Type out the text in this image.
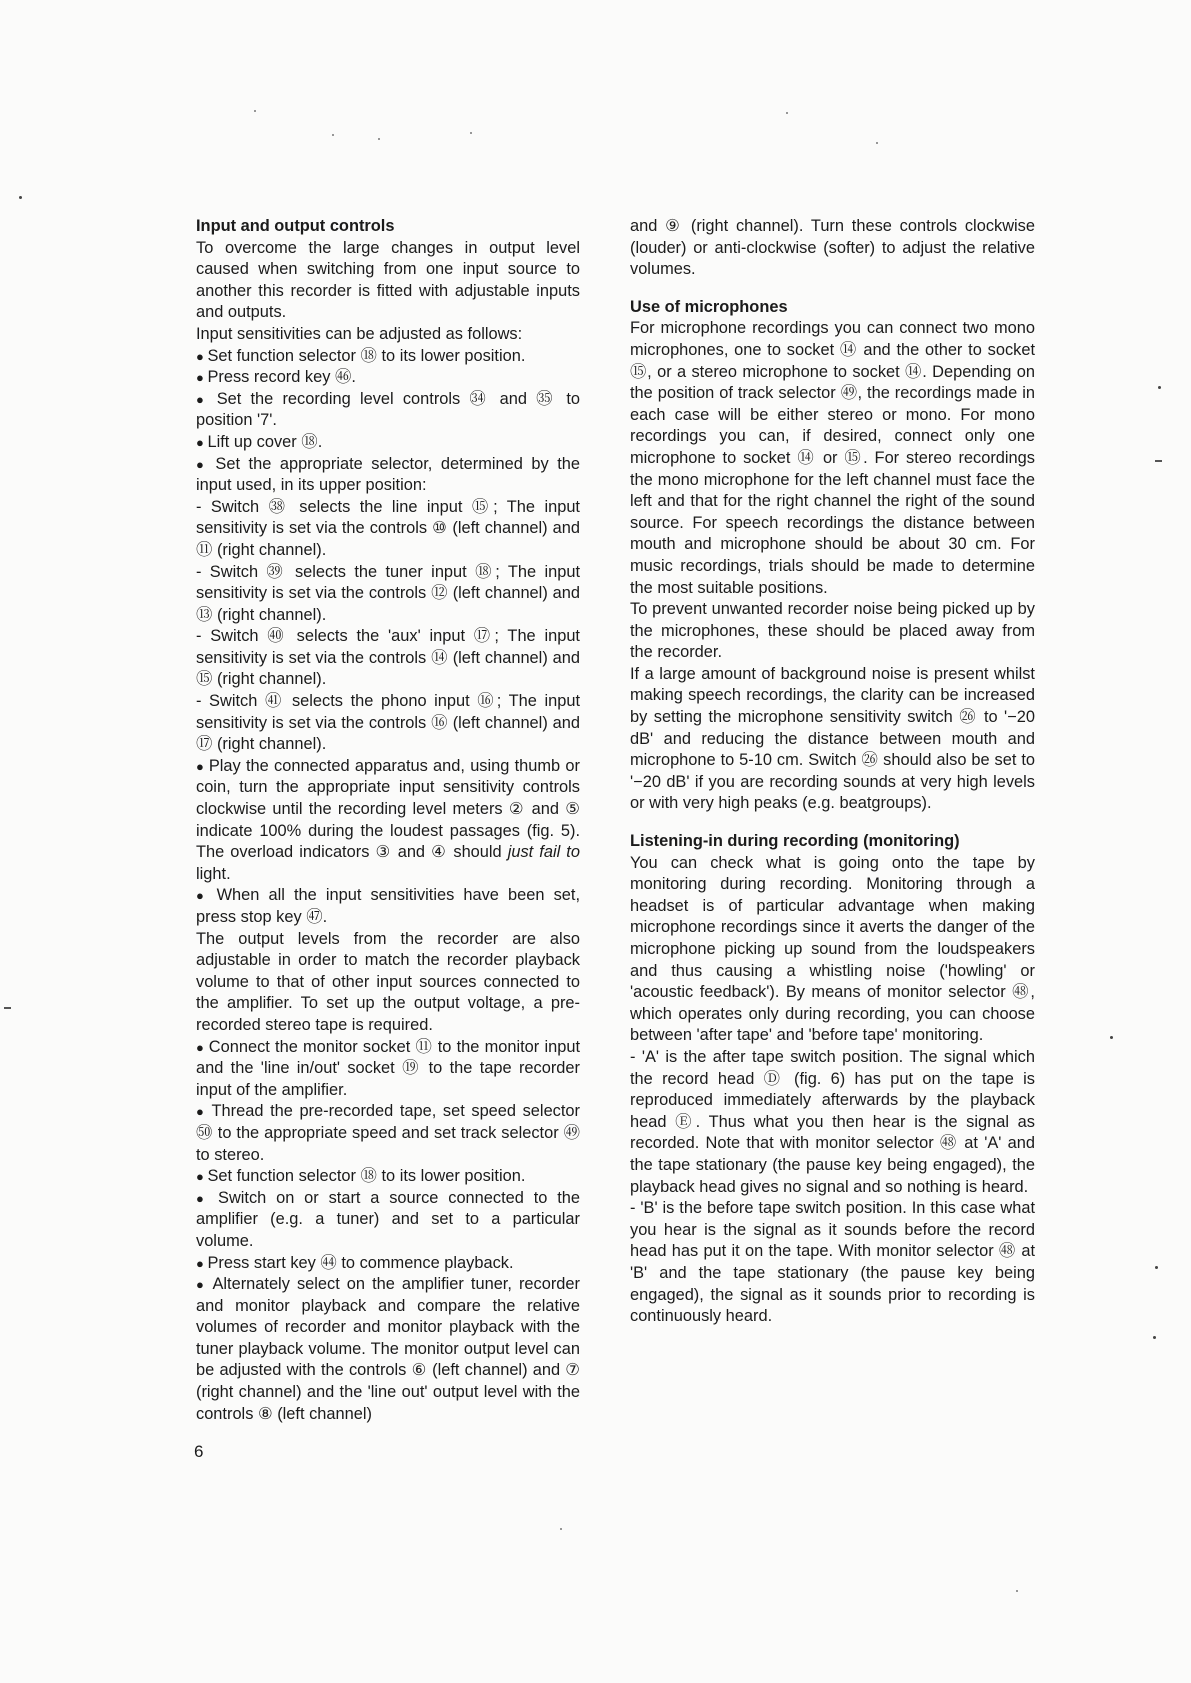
Input and output controls

To overcome the large changes in output level caused when switching from one input source to another this recorder is fitted with adjustable inputs and outputs.

Input sensitivities can be adjusted as follows:

● Set function selector ⑱ to its lower position.

● Press record key ㊻.

● Set the recording level controls ㉞ and ㉟ to position '7'.

● Lift up cover ⑱.

● Set the appropriate selector, determined by the input used, in its upper position:

- Switch ㊳ selects the line input ⑮; The input sensitivity is set via the controls ⑩ (left channel) and ⑪ (right channel).

- Switch ㊴ selects the tuner input ⑱; The input sensitivity is set via the controls ⑫ (left channel) and ⑬ (right channel).

- Switch ㊵ selects the 'aux' input ⑰; The input sensitivity is set via the controls ⑭ (left channel) and ⑮ (right channel).

- Switch ㊶ selects the phono input ⑯; The input sensitivity is set via the controls ⑯ (left channel) and ⑰ (right channel).

● Play the connected apparatus and, using thumb or coin, turn the appropriate input sensitivity controls clockwise until the recording level meters ② and ⑤ indicate 100% during the loudest passages (fig. 5). The overload indicators ③ and ④ should just fail to light.

● When all the input sensitivities have been set, press stop key ㊼.

The output levels from the recorder are also adjustable in order to match the recorder playback volume to that of other input sources connected to the amplifier. To set up the output voltage, a pre-recorded stereo tape is required.

● Connect the monitor socket ⑪ to the monitor input and the 'line in/out' socket ⑲ to the tape recorder input of the amplifier.

● Thread the pre-recorded tape, set speed selector ㊿ to the appropriate speed and set track selector ㊾ to stereo.

● Set function selector ⑱ to its lower position.

● Switch on or start a source connected to the amplifier (e.g. a tuner) and set to a particular volume.

● Press start key ㊹ to commence playback.

● Alternately select on the amplifier tuner, recorder and monitor playback and compare the relative volumes of recorder and monitor playback with the tuner playback volume. The monitor output level can be adjusted with the controls ⑥ (left channel) and ⑦ (right channel) and the 'line out' output level with the controls ⑧ (left channel)

6

and ⑨ (right channel). Turn these controls clockwise (louder) or anti-clockwise (softer) to adjust the relative volumes.

Use of microphones

For microphone recordings you can connect two mono microphones, one to socket ⑭ and the other to socket ⑮, or a stereo microphone to socket ⑭. Depending on the position of track selector ㊾, the recordings made in each case will be either stereo or mono. For mono recordings you can, if desired, connect only one microphone to socket ⑭ or ⑮. For stereo recordings the mono microphone for the left channel must face the left and that for the right channel the right of the sound source. For speech recordings the distance between mouth and microphone should be about 30 cm. For music recordings, trials should be made to determine the most suitable positions.

To prevent unwanted recorder noise being picked up by the microphones, these should be placed away from the recorder.

If a large amount of background noise is present whilst making speech recordings, the clarity can be increased by setting the microphone sensitivity switch ㉖ to '−20 dB' and reducing the distance between mouth and microphone to 5-10 cm. Switch ㉖ should also be set to '−20 dB' if you are recording sounds at very high levels or with very high peaks (e.g. beatgroups).

Listening-in during recording (monitoring)

You can check what is going onto the tape by monitoring during recording. Monitoring through a headset is of particular advantage when making microphone recordings since it averts the danger of the microphone picking up sound from the loudspeakers and thus causing a whistling noise ('howling' or 'acoustic feedback'). By means of monitor selector ㊽, which operates only during recording, you can choose between 'after tape' and 'before tape' monitoring.

- 'A' is the after tape switch position. The signal which the record head Ⓓ (fig. 6) has put on the tape is reproduced immediately afterwards by the playback head Ⓔ. Thus what you then hear is the signal as recorded. Note that with monitor selector ㊽ at 'A' and the tape stationary (the pause key being engaged), the playback head gives no signal and so nothing is heard.

- 'B' is the before tape switch position. In this case what you hear is the signal as it sounds before the record head has put it on the tape. With monitor selector ㊽ at 'B' and the tape stationary (the pause key being engaged), the signal as it sounds prior to recording is continuously heard.
